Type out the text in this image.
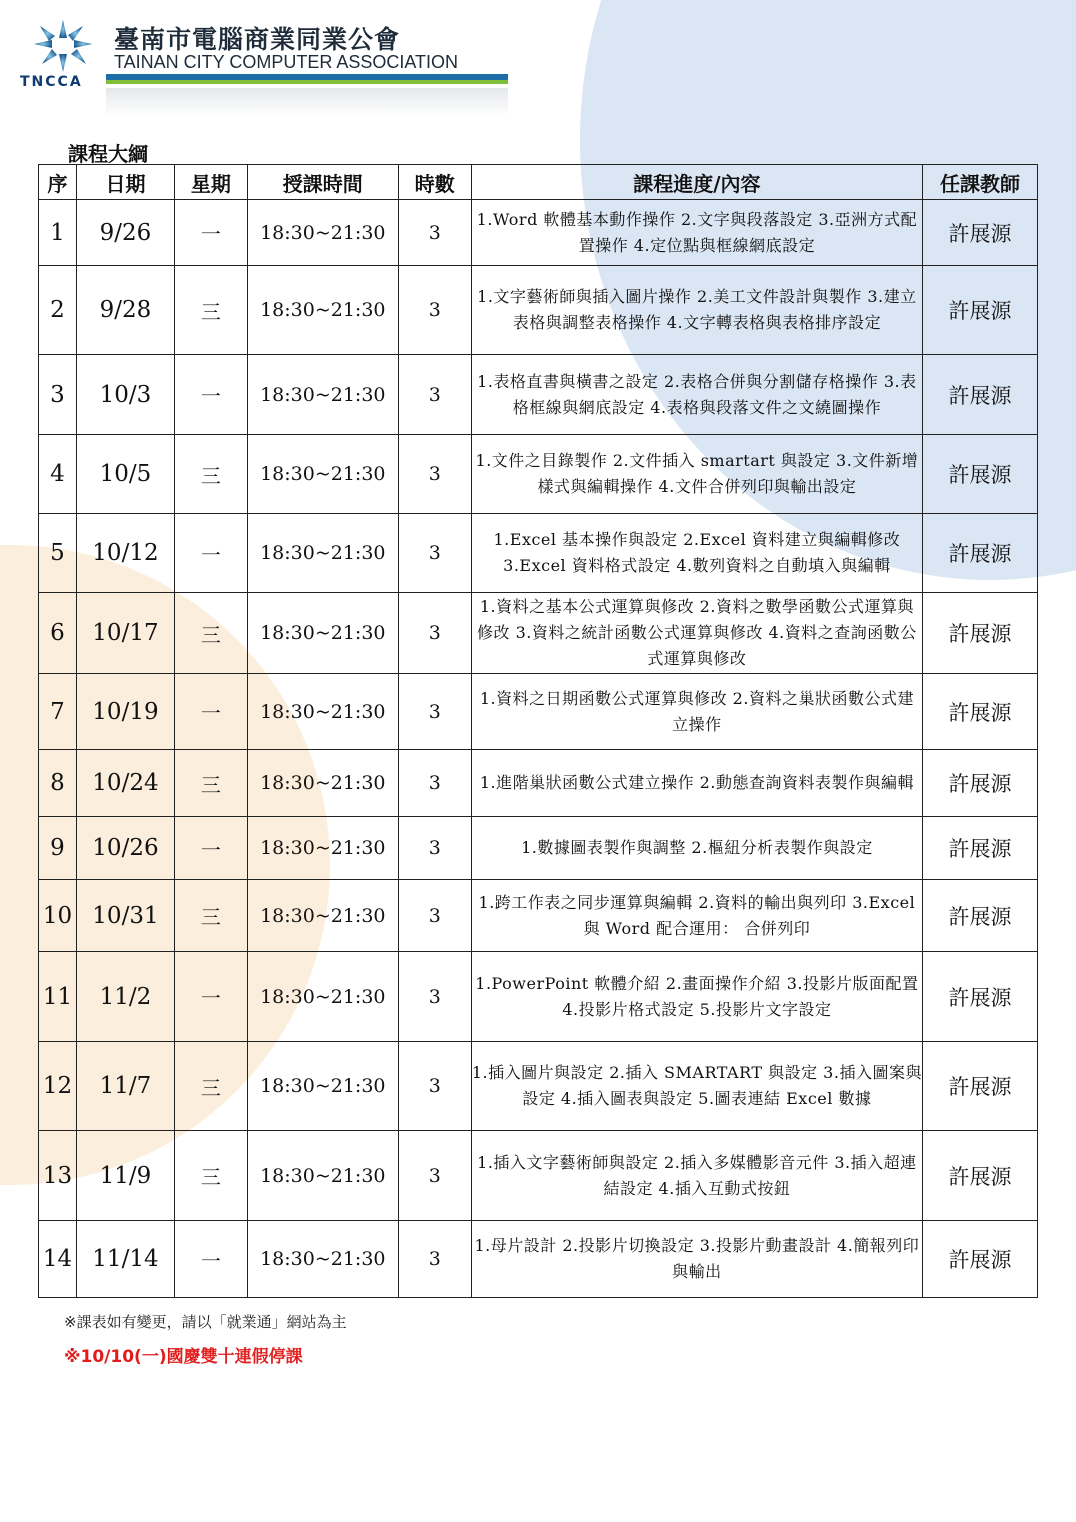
TNCCA
臺南市電腦商業同業公會
TAINAN CITY COMPUTER ASSOCIATION
課程大綱
序	日期	星期	授課時間	時數	課程進度/內容	任課教師
1	9/26	一	18:30~21:30	3	1.Word 軟體基本動作操作 2.文字與段落設定 3.亞洲方式配置操作 4.定位點與框線網底設定	許展源
2	9/28	三	18:30~21:30	3	1.文字藝術師與插入圖片操作 2.美工文件設計與製作 3.建立表格與調整表格操作 4.文字轉表格與表格排序設定	許展源
3	10/3	一	18:30~21:30	3	1.表格直書與橫書之設定 2.表格合併與分割儲存格操作 3.表格框線與網底設定 4.表格與段落文件之文繞圖操作	許展源
4	10/5	三	18:30~21:30	3	1.文件之目錄製作 2.文件插入 smartart 與設定 3.文件新增樣式與編輯操作 4.文件合併列印與輸出設定	許展源
5	10/12	一	18:30~21:30	3	1.Excel 基本操作與設定 2.Excel 資料建立與編輯修改 3.Excel 資料格式設定 4.數列資料之自動填入與編輯	許展源
6	10/17	三	18:30~21:30	3	1.資料之基本公式運算與修改 2.資料之數學函數公式運算與修改 3.資料之統計函數公式運算與修改 4.資料之查詢函數公式運算與修改	許展源
7	10/19	一	18:30~21:30	3	1.資料之日期函數公式運算與修改 2.資料之巢狀函數公式建立操作	許展源
8	10/24	三	18:30~21:30	3	1.進階巢狀函數公式建立操作 2.動態查詢資料表製作與編輯	許展源
9	10/26	一	18:30~21:30	3	1.數據圖表製作與調整 2.樞紐分析表製作與設定	許展源
10	10/31	三	18:30~21:30	3	1.跨工作表之同步運算與編輯 2.資料的輸出與列印 3.Excel 與 Word 配合運用： 合併列印	許展源
11	11/2	一	18:30~21:30	3	1.PowerPoint 軟體介紹 2.畫面操作介紹 3.投影片版面配置 4.投影片格式設定 5.投影片文字設定	許展源
12	11/7	三	18:30~21:30	3	1.插入圖片與設定 2.插入 SMARTART 與設定 3.插入圖案與設定 4.插入圖表與設定 5.圖表連結 Excel 數據	許展源
13	11/9	三	18:30~21:30	3	1.插入文字藝術師與設定 2.插入多媒體影音元件 3.插入超連結設定 4.插入互動式按鈕	許展源
14	11/14	一	18:30~21:30	3	1.母片設計 2.投影片切換設定 3.投影片動畫設計 4.簡報列印與輸出	許展源
※課表如有變更，請以「就業通」網站為主
※10/10(一)國慶雙十連假停課
